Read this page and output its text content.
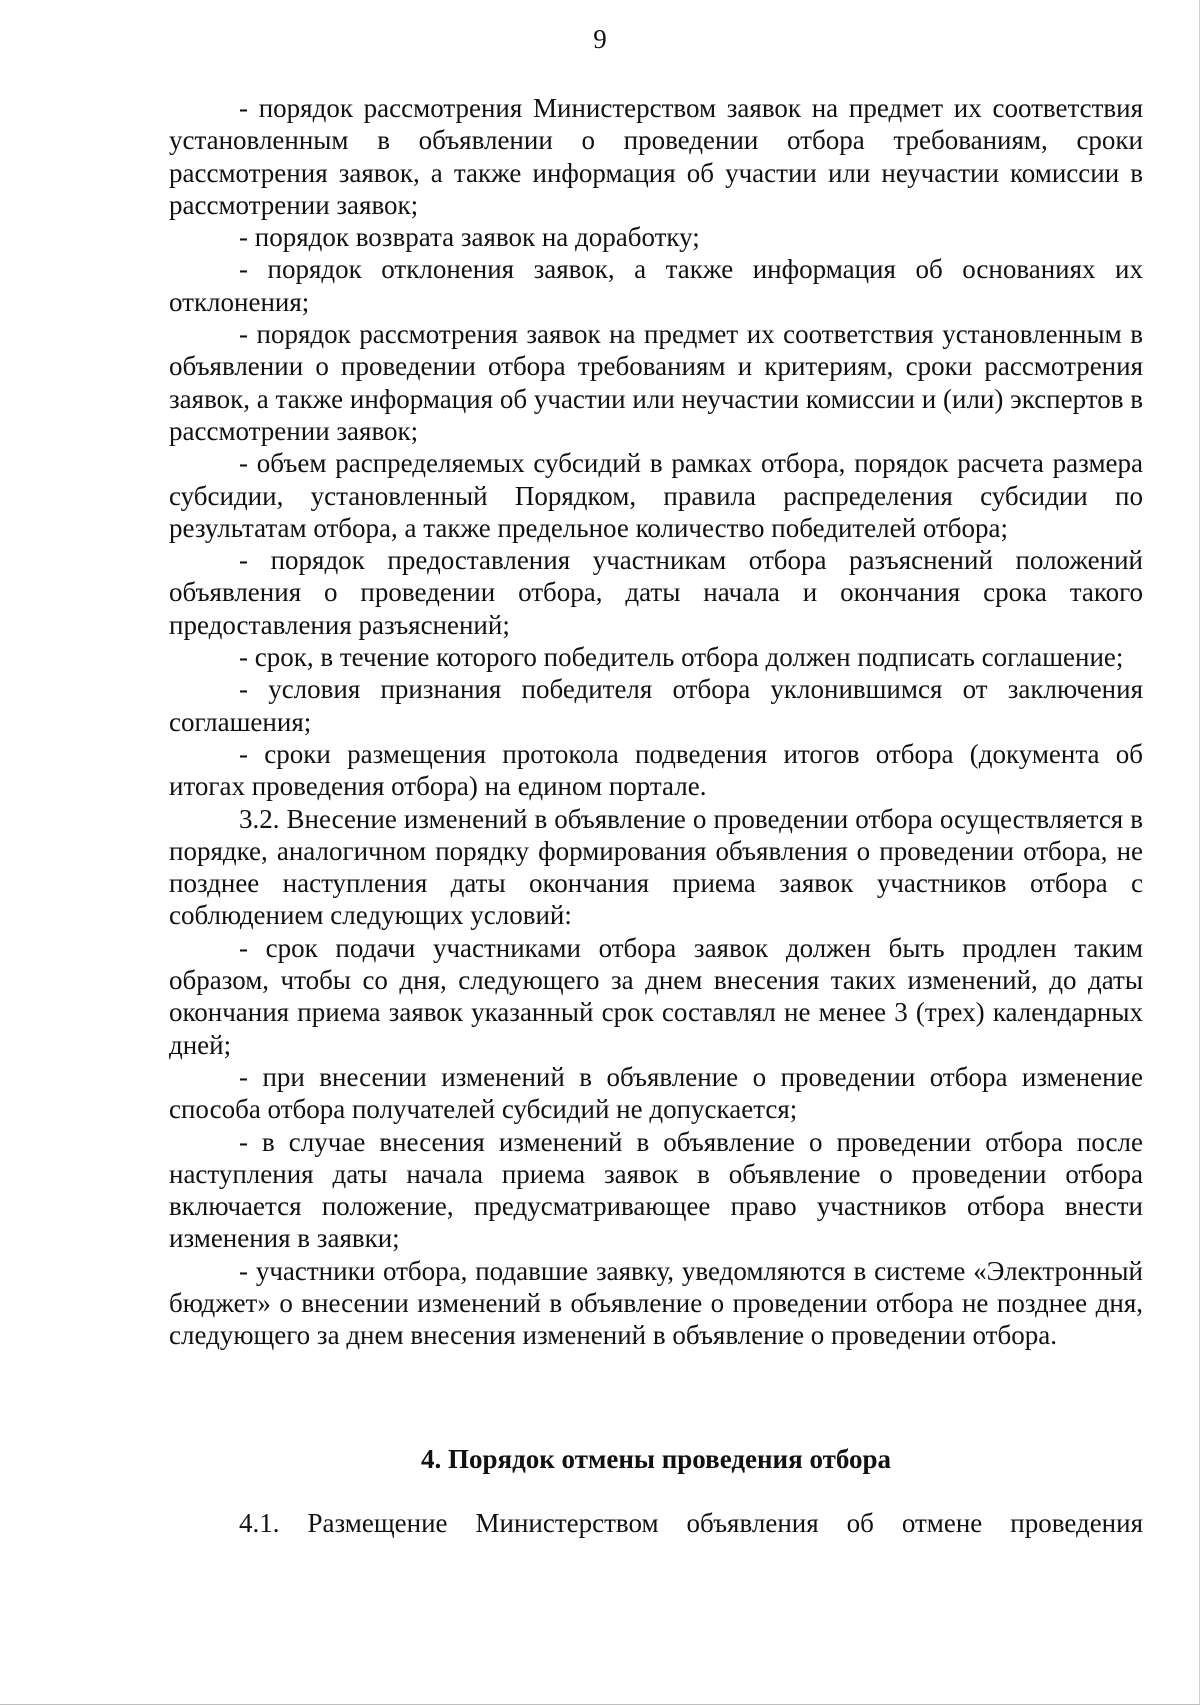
9

- порядок рассмотрения Министерством заявок на предмет их соответствия установленным в объявлении о проведении отбора требованиям, сроки рассмотрения заявок, а также информация об участии или неучастии комиссии в рассмотрении заявок;

- порядок возврата заявок на доработку;

- порядок отклонения заявок, а также информация об основаниях их отклонения;

- порядок рассмотрения заявок на предмет их соответствия установленным в объявлении о проведении отбора требованиям и критериям, сроки рассмотрения заявок, а также информация об участии или неучастии комиссии и (или) экспертов в рассмотрении заявок;

- объем распределяемых субсидий в рамках отбора, порядок расчета размера субсидии, установленный Порядком, правила распределения субсидии по результатам отбора, а также предельное количество победителей отбора;

- порядок предоставления участникам отбора разъяснений положений объявления о проведении отбора, даты начала и окончания срока такого предоставления разъяснений;

- срок, в течение которого победитель отбора должен подписать соглашение;

- условия признания победителя отбора уклонившимся от заключения соглашения;

- сроки размещения протокола подведения итогов отбора (документа об итогах проведения отбора) на едином портале.

3.2. Внесение изменений в объявление о проведении отбора осуществляется в порядке, аналогичном порядку формирования объявления о проведении отбора, не позднее наступления даты окончания приема заявок участников отбора с соблюдением следующих условий:

- срок подачи участниками отбора заявок должен быть продлен таким образом, чтобы со дня, следующего за днем внесения таких изменений, до даты окончания приема заявок указанный срок составлял не менее 3 (трех) календарных дней;

- при внесении изменений в объявление о проведении отбора изменение способа отбора получателей субсидий не допускается;

- в случае внесения изменений в объявление о проведении отбора после наступления даты начала приема заявок в объявление о проведении отбора включается положение, предусматривающее право участников отбора внести изменения в заявки;

- участники отбора, подавшие заявку, уведомляются в системе «Электронный бюджет» о внесении изменений в объявление о проведении отбора не позднее дня, следующего за днем внесения изменений в объявление о проведении отбора.

4. Порядок отмены проведения отбора

4.1. Размещение Министерством объявления об отмене проведения
